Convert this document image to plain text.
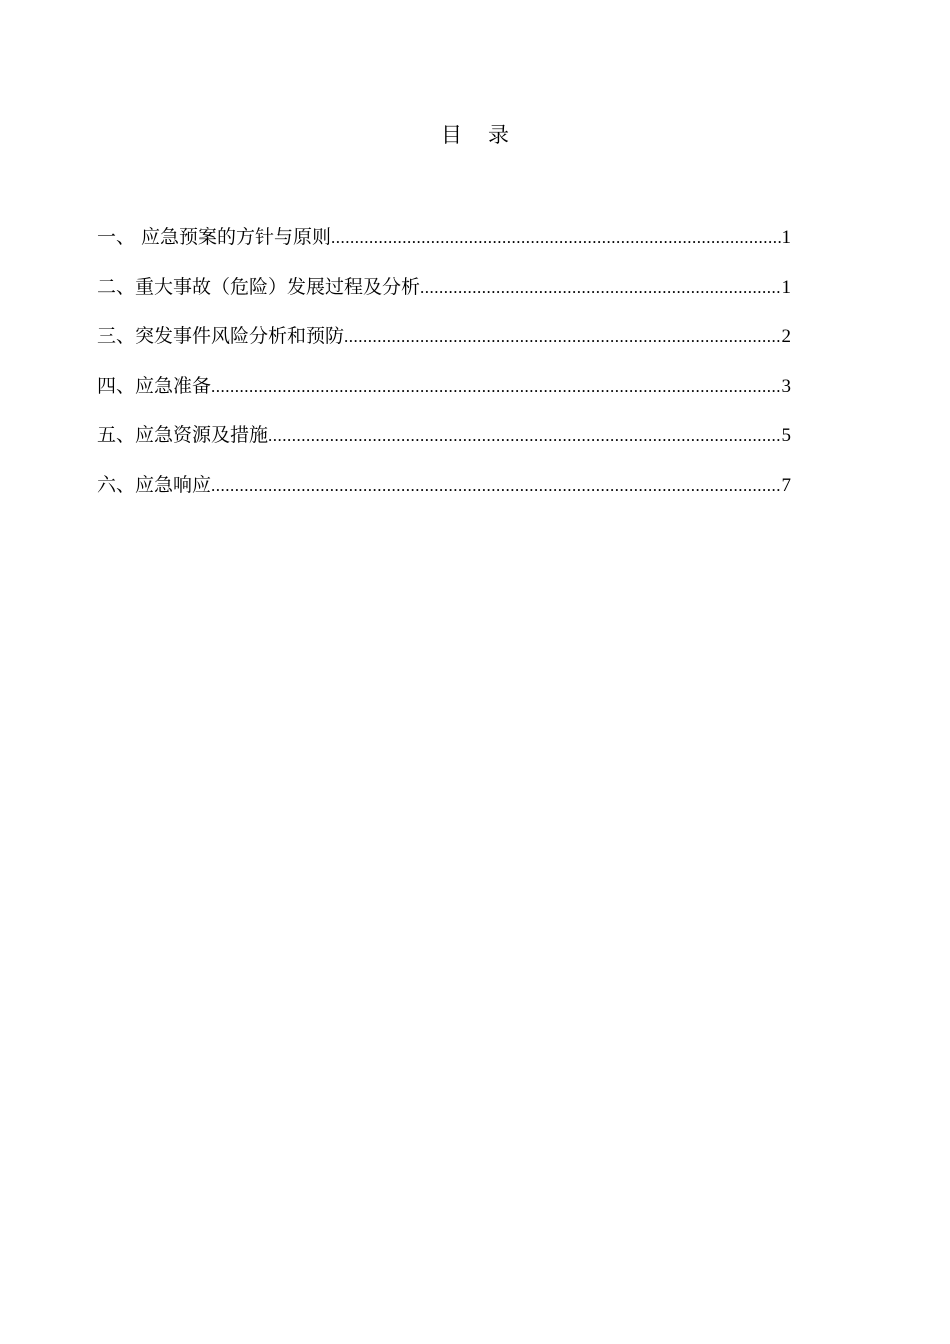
目 录
一、 应急预案的方针与原则 .....	1
二、重大事故（危险）发展过程及分析 .....	1
三、突发事件风险分析和预防 .....	2
四、应急准备 .....	3
五、应急资源及措施 .....	5
六、应急响应 .....	7
